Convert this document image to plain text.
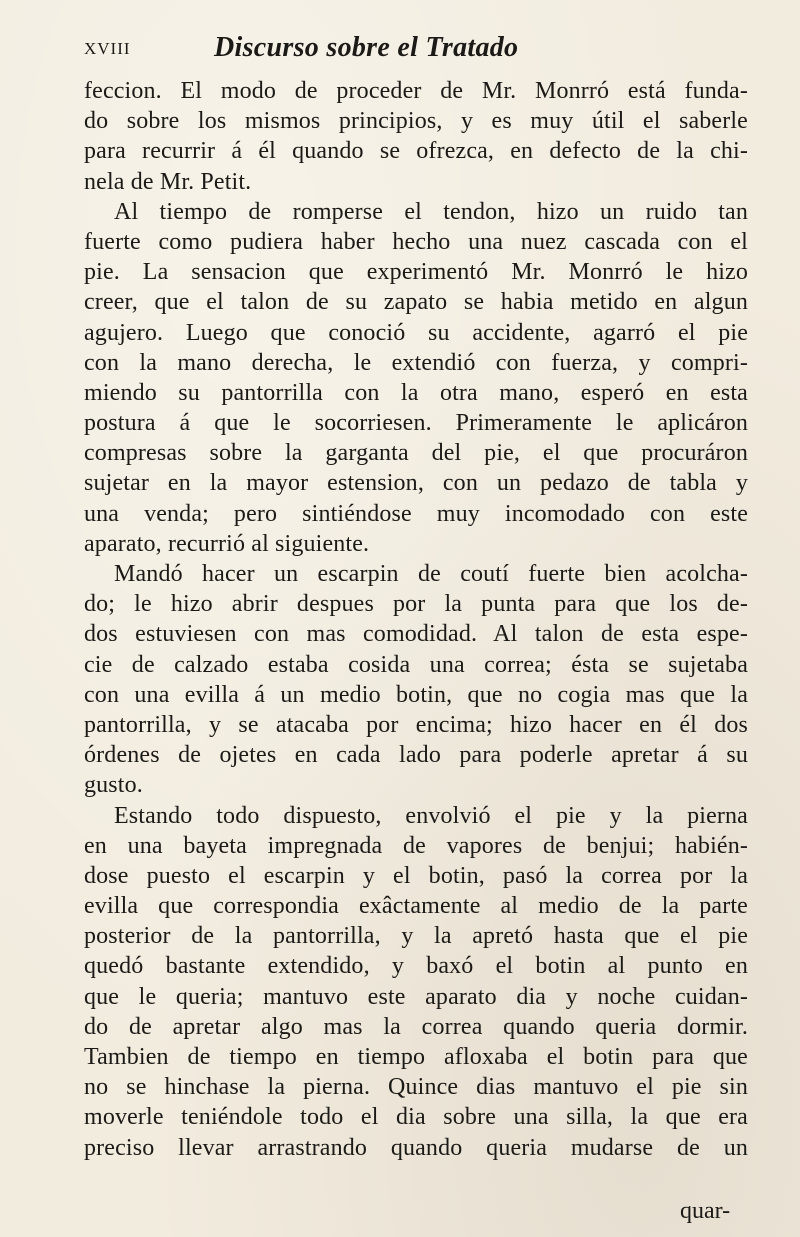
xviii	Discurso sobre el Tratado
feccion. El modo de proceder de Mr. Monrró está funda-
do sobre los mismos principios, y es muy útil el saberle
para recurrir á él quando se ofrezca, en defecto de la chi-
nela de Mr. Petit.
Al tiempo de romperse el tendon, hizo un ruido tan
fuerte como pudiera haber hecho una nuez cascada con el
pie. La sensacion que experimentó Mr. Monrró le hizo
creer, que el talon de su zapato se habia metido en algun
agujero. Luego que conoció su accidente, agarró el pie
con la mano derecha, le extendió con fuerza, y compri-
miendo su pantorrilla con la otra mano, esperó en esta
postura á que le socorriesen. Primeramente le aplicáron
compresas sobre la garganta del pie, el que procuráron
sujetar en la mayor estension, con un pedazo de tabla y
una venda; pero sintiéndose muy incomodado con este
aparato, recurrió al siguiente.
Mandó hacer un escarpin de coutí fuerte bien acolcha-
do; le hizo abrir despues por la punta para que los de-
dos estuviesen con mas comodidad. Al talon de esta espe-
cie de calzado estaba cosida una correa; ésta se sujetaba
con una evilla á un medio botin, que no cogia mas que la
pantorrilla, y se atacaba por encima; hizo hacer en él dos
órdenes de ojetes en cada lado para poderle apretar á su
gusto.
Estando todo dispuesto, envolvió el pie y la pierna
en una bayeta impregnada de vapores de benjui; habién-
dose puesto el escarpin y el botin, pasó la correa por la
evilla que correspondia exâctamente al medio de la parte
posterior de la pantorrilla, y la apretó hasta que el pie
quedó bastante extendido, y baxó el botin al punto en
que le queria; mantuvo este aparato dia y noche cuidan-
do de apretar algo mas la correa quando queria dormir.
Tambien de tiempo en tiempo afloxaba el botin para que
no se hinchase la pierna. Quince dias mantuvo el pie sin
moverle teniéndole todo el dia sobre una silla, la que era
preciso llevar arrastrando quando queria mudarse de un
quar-
